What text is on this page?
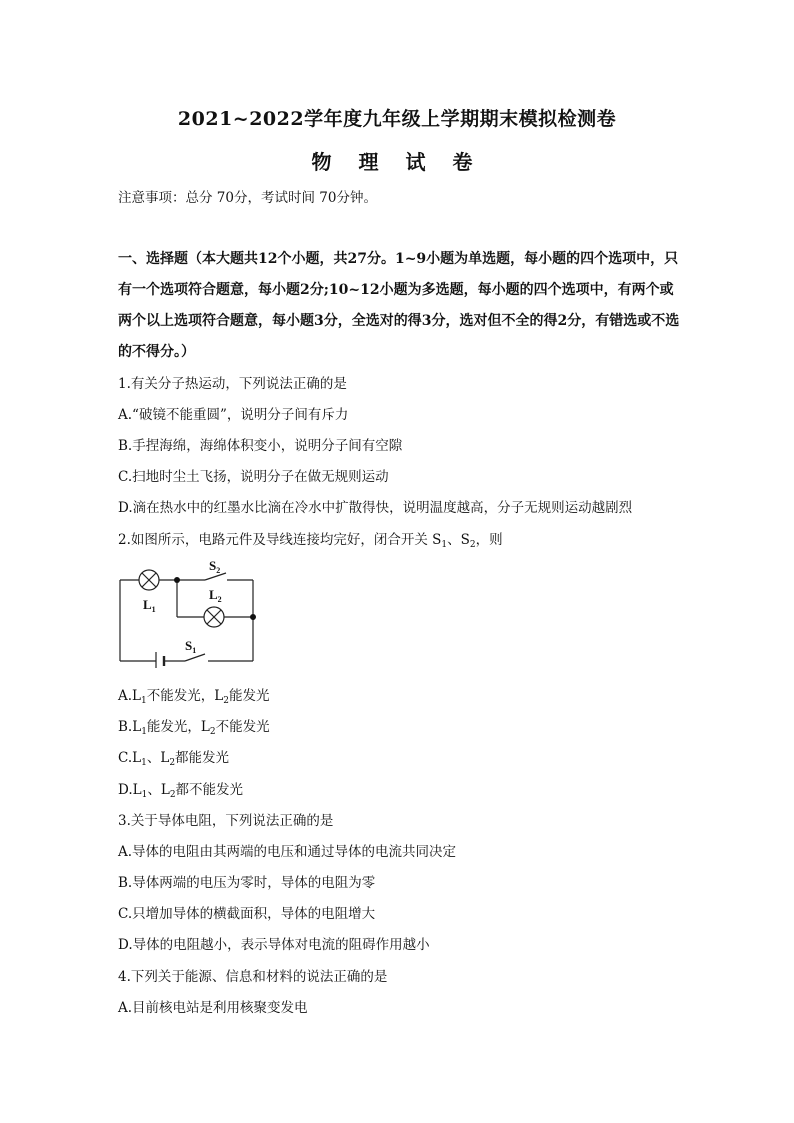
2021~2022学年度九年级上学期期末模拟检测卷
物 理 试 卷
注意事项：总分 70分，考试时间 70分钟。
一、选择题（本大题共12个小题，共27分。1~9小题为单选题，每小题的四个选项中，只有一个选项符合题意，每小题2分;10~12小题为多选题，每小题的四个选项中，有两个或两个以上选项符合题意，每小题3分，全选对的得3分，选对但不全的得2分，有错选或不选的不得分。）
1.有关分子热运动，下列说法正确的是
A.“破镜不能重圆”，说明分子间有斥力
B.手捏海绵，海绵体积变小，说明分子间有空隙
C.扫地时尘土飞扬，说明分子在做无规则运动
D.滴在热水中的红墨水比滴在冷水中扩散得快，说明温度越高，分子无规则运动越剧烈
2.如图所示，电路元件及导线连接均完好，闭合开关 $S_1$、$S_2$，则
$L_1$
$L_2$
$S_2$
$S_1$
$A.L_1$不能发光，$L_2$能发光
$B.L_1$能发光，$L_2$不能发光
$C.L_1$、$L_2$都能发光
$D.L_1$、$L_2$都不能发光
3.关于导体电阻，下列说法正确的是
A.导体的电阻由其两端的电压和通过导体的电流共同决定
B.导体两端的电压为零时，导体的电阻为零
C.只增加导体的横截面积，导体的电阻增大
D.导体的电阻越小，表示导体对电流的阻碍作用越小
4.下列关于能源、信息和材料的说法正确的是
A.目前核电站是利用核聚变发电
